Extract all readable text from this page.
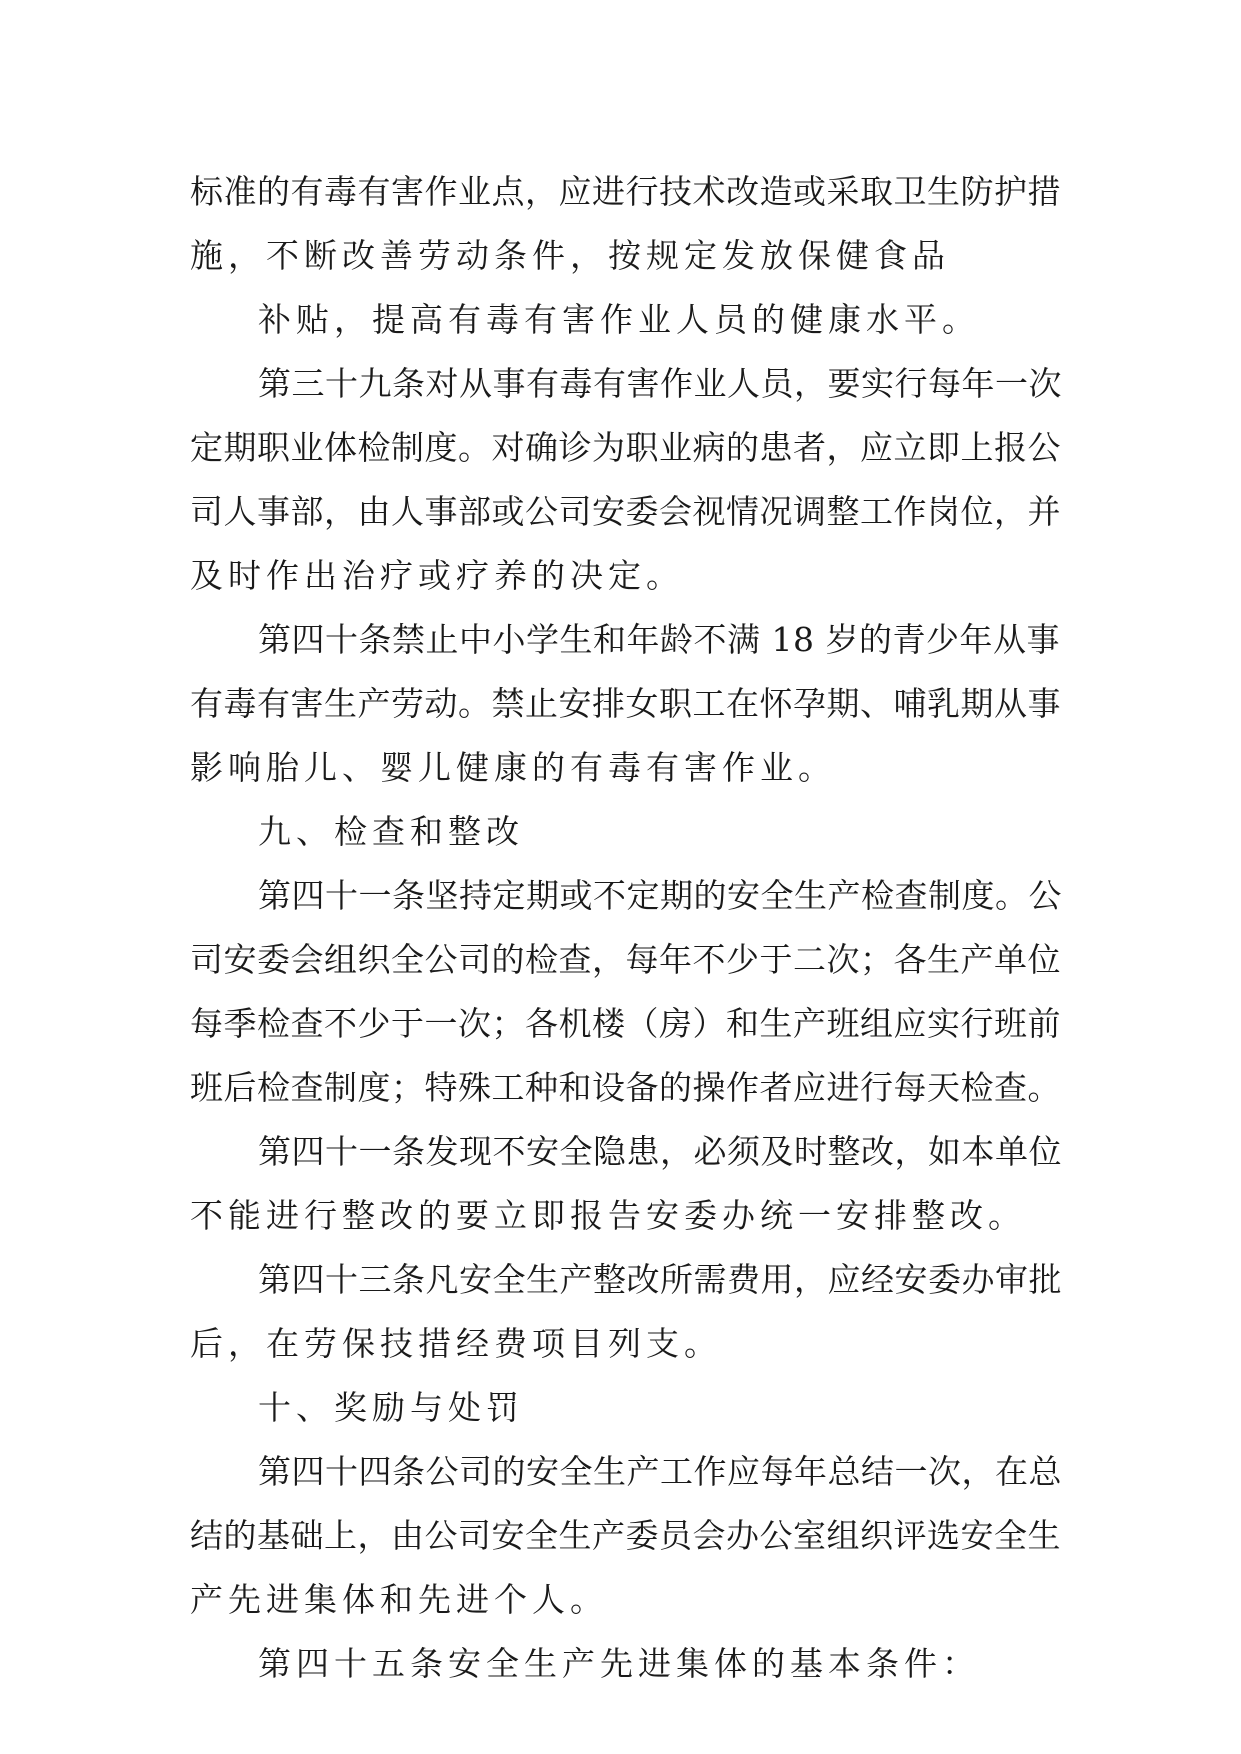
标准的有毒有害作业点，应进行技术改造或采取卫生防护措
施，不断改善劳动条件，按规定发放保健食品
补贴，提高有毒有害作业人员的健康水平。
第三十九条对从事有毒有害作业人员，要实行每年一次
定期职业体检制度。对确诊为职业病的患者，应立即上报公
司人事部，由人事部或公司安委会视情况调整工作岗位，并
及时作出治疗或疗养的决定。
第四十条禁止中小学生和年龄不满 18 岁的青少年从事
有毒有害生产劳动。禁止安排女职工在怀孕期、哺乳期从事
影响胎儿、婴儿健康的有毒有害作业。
九、检查和整改
第四十一条坚持定期或不定期的安全生产检查制度。公
司安委会组织全公司的检查，每年不少于二次；各生产单位
每季检查不少于一次；各机楼（房）和生产班组应实行班前
班后检查制度；特殊工种和设备的操作者应进行每天检查。
第四十一条发现不安全隐患，必须及时整改，如本单位
不能进行整改的要立即报告安委办统一安排整改。
第四十三条凡安全生产整改所需费用，应经安委办审批
后，在劳保技措经费项目列支。
十、奖励与处罚
第四十四条公司的安全生产工作应每年总结一次，在总
结的基础上，由公司安全生产委员会办公室组织评选安全生
产先进集体和先进个人。
第四十五条安全生产先进集体的基本条件：
